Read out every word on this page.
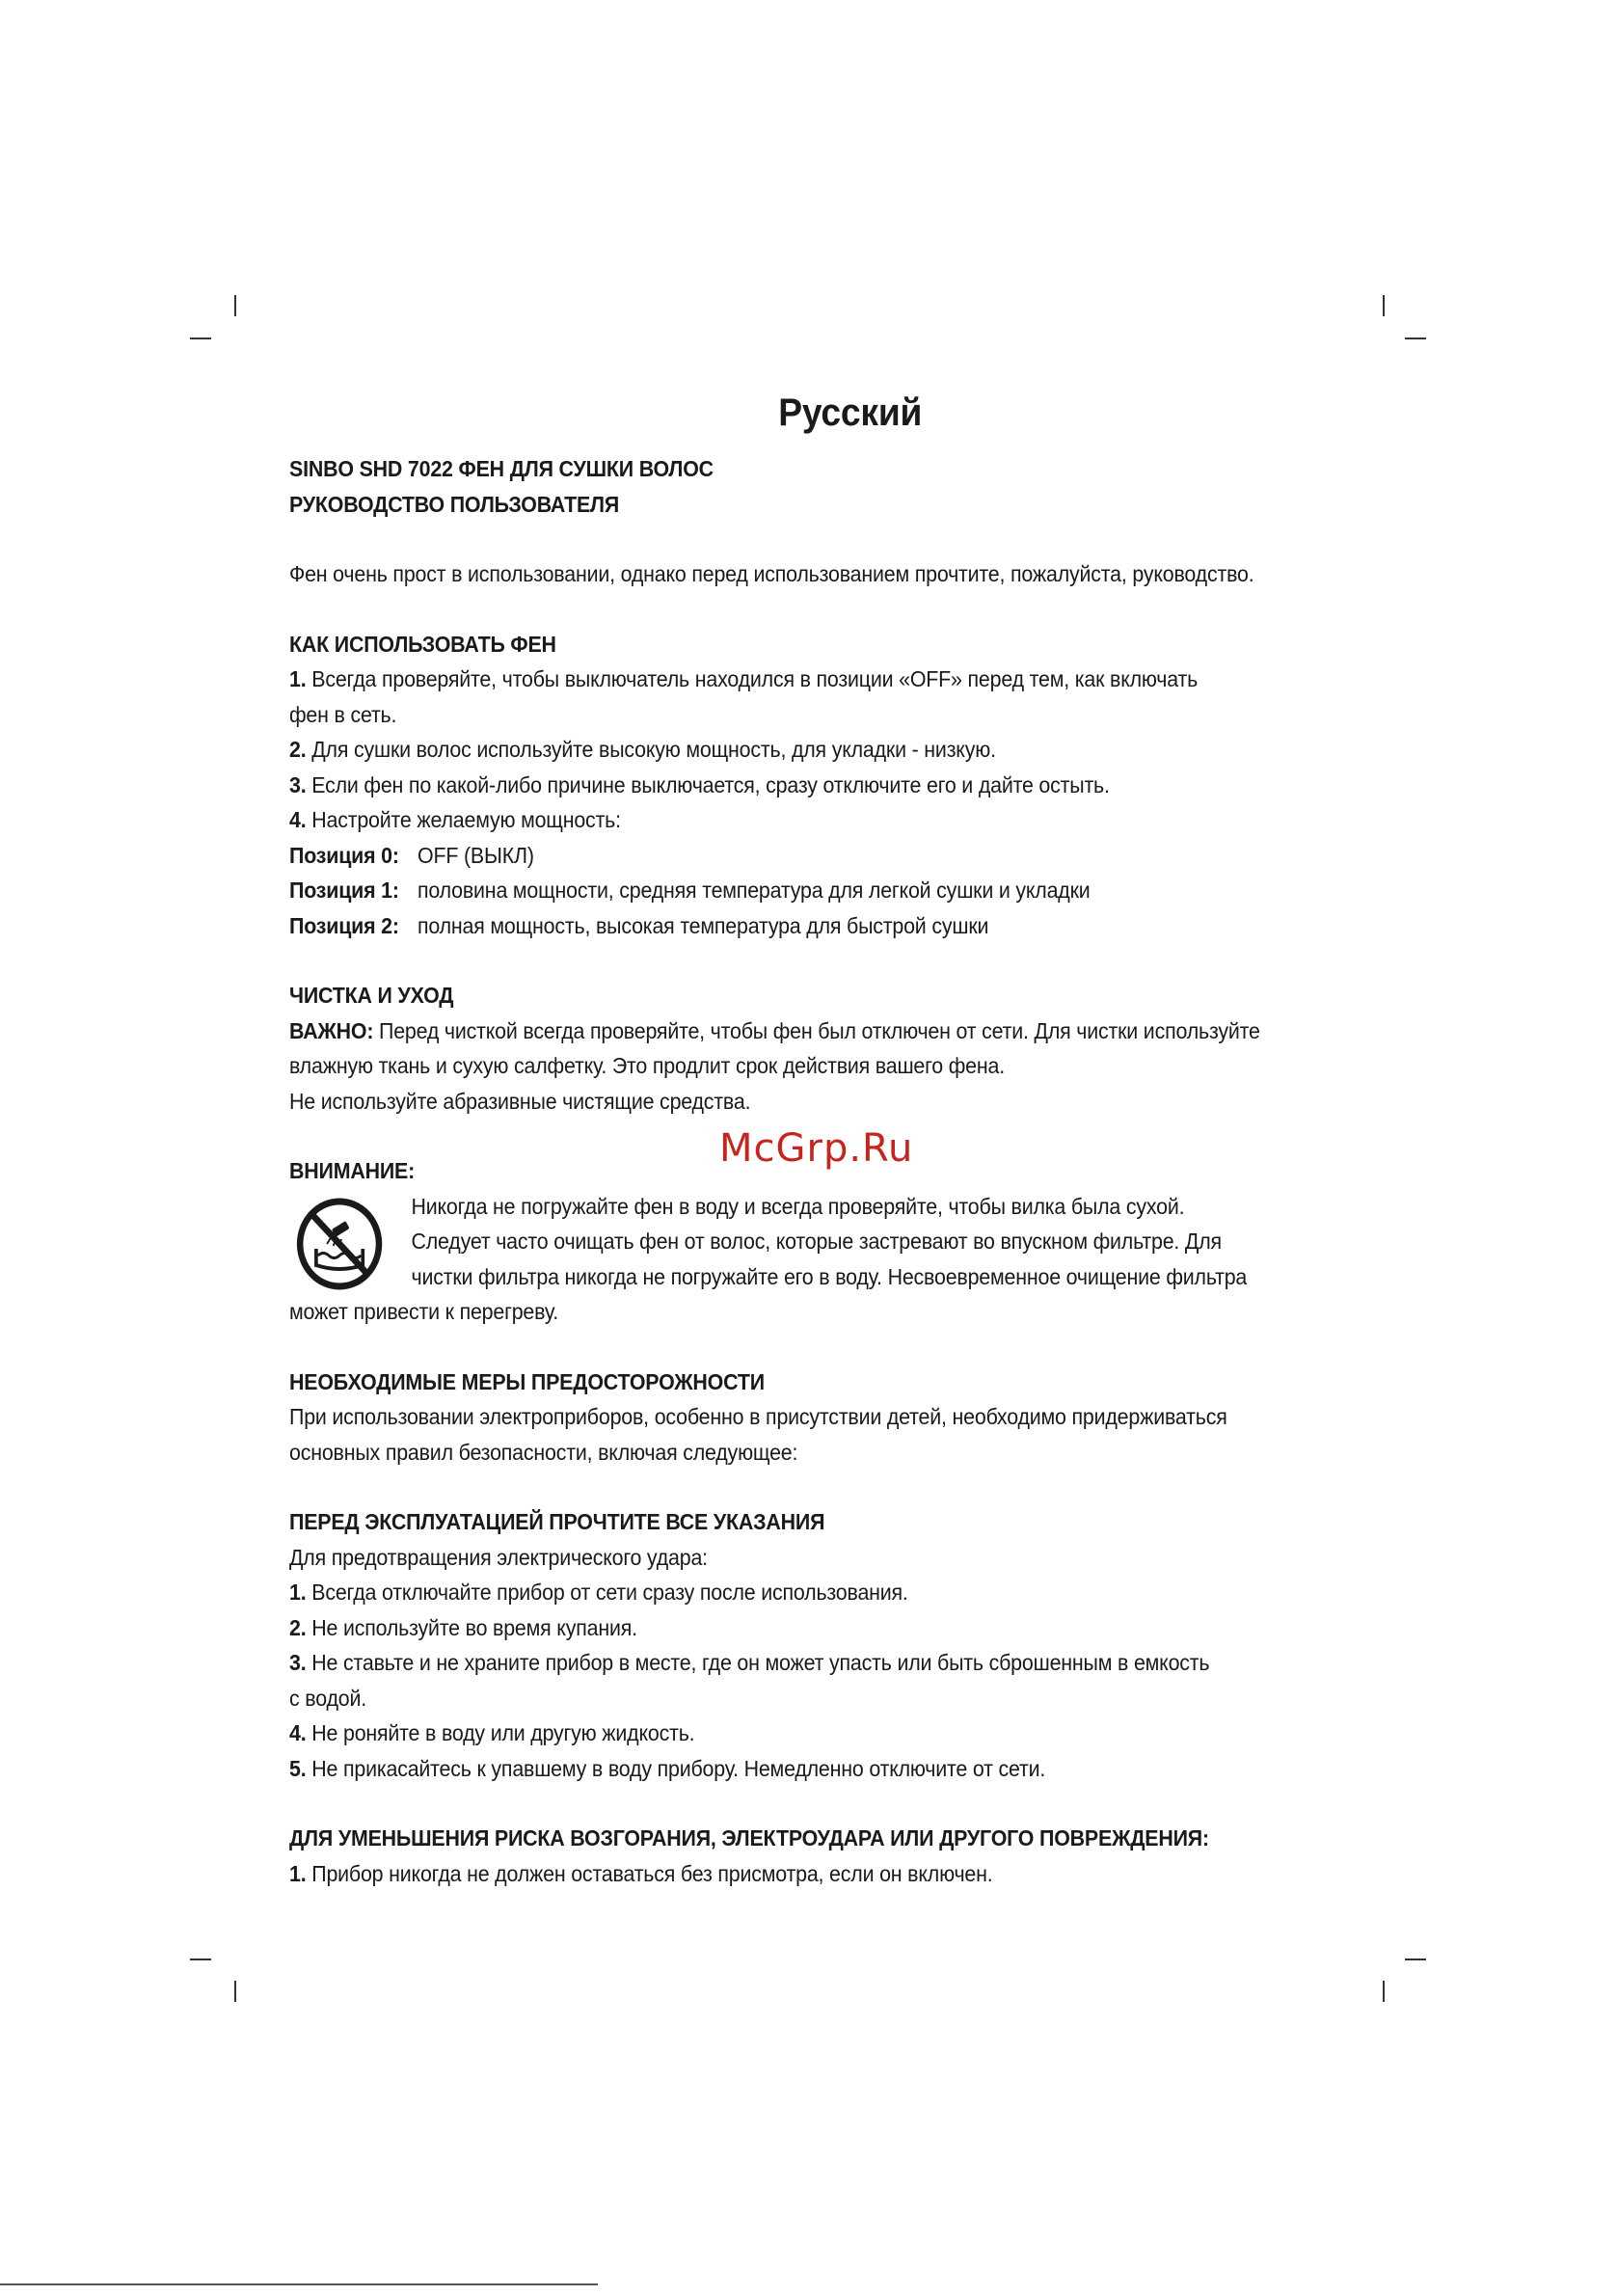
McGrp.Ru
Русский

SINBO SHD 7022 ФЕН ДЛЯ СУШКИ ВОЛОС

РУКОВОДСТВО ПОЛЬЗОВАТЕЛЯ

Фен очень прост в использовании, однако перед использованием прочтите, пожалуйста, руководство.

КАК ИСПОЛЬЗОВАТЬ ФЕН

1. Всегда проверяйте, чтобы выключатель находился в позиции «OFF» перед тем, как включать

фен в сеть.

2. Для сушки волос используйте высокую мощность, для укладки - низкую.

3. Если фен по какой-либо причине выключается, сразу отключите его и дайте остыть.

4. Настройте желаемую мощность:

Позиция 0: OFF (ВЫКЛ)
Позиция 1: половина мощности, средняя температура для легкой сушки и укладки
Позиция 2: полная мощность, высокая температура для быстрой сушки

ЧИСТКА И УХОД

ВАЖНО: Перед чисткой всегда проверяйте, чтобы фен был отключен от сети. Для чистки используйте

влажную ткань и сухую салфетку. Это продлит срок действия вашего фена.

Не используйте абразивные чистящие средства.

ВНИМАНИЕ:

Никогда не погружайте фен в воду и всегда проверяйте, чтобы вилка была сухой.

Следует часто очищать фен от волос, которые застревают во впускном фильтре. Для

чистки фильтра никогда не погружайте его в воду. Несвоевременное очищение фильтра

может привести к перегреву.

НЕОБХОДИМЫЕ МЕРЫ ПРЕДОСТОРОЖНОСТИ

При использовании электроприборов, особенно в присутствии детей, необходимо придерживаться

основных правил безопасности, включая следующее:

ПЕРЕД ЭКСПЛУАТАЦИЕЙ ПРОЧТИТЕ ВСЕ УКАЗАНИЯ

Для предотвращения электрического удара:

1. Всегда отключайте прибор от сети сразу после использования.

2. Не используйте во время купания.

3. Не ставьте и не храните прибор в месте, где он может упасть или быть сброшенным в емкость

с водой.

4. Не роняйте в воду или другую жидкость.

5. Не прикасайтесь к упавшему в воду прибору. Немедленно отключите от сети.

ДЛЯ УМЕНЬШЕНИЯ РИСКА ВОЗГОРАНИЯ, ЭЛЕКТРОУДАРА ИЛИ ДРУГОГО ПОВРЕЖДЕНИЯ:

1. Прибор никогда не должен оставаться без присмотра, если он включен.
